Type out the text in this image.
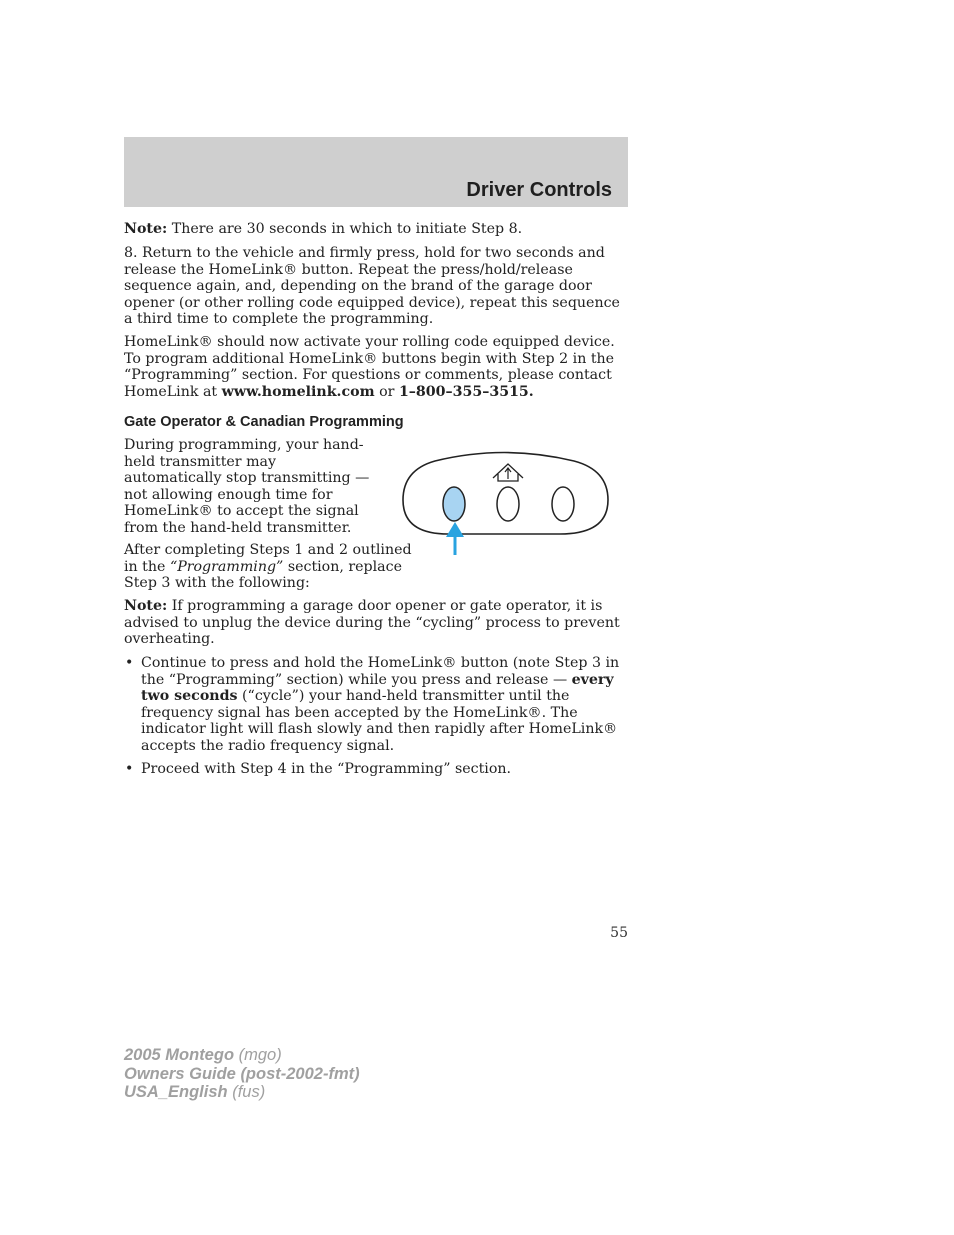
Driver Controls

Note: There are 30 seconds in which to initiate Step 8.

8. Return to the vehicle and firmly press, hold for two seconds and release the HomeLink® button. Repeat the press/hold/release sequence again, and, depending on the brand of the garage door opener (or other rolling code equipped device), repeat this sequence a third time to complete the programming.

HomeLink® should now activate your rolling code equipped device. To program additional HomeLink® buttons begin with Step 2 in the “Programming” section. For questions or comments, please contact HomeLink at www.homelink.com or 1–800–355–3515.

Gate Operator & Canadian Programming

During programming, your hand-held transmitter may automatically stop transmitting — not allowing enough time for HomeLink® to accept the signal from the hand-held transmitter.

After completing Steps 1 and 2 outlined in the “Programming” section, replace Step 3 with the following:

Note: If programming a garage door opener or gate operator, it is advised to unplug the device during the “cycling” process to prevent overheating.

• Continue to press and hold the HomeLink® button (note Step 3 in the “Programming” section) while you press and release — every two seconds (“cycle”) your hand-held transmitter until the frequency signal has been accepted by the HomeLink®. The indicator light will flash slowly and then rapidly after HomeLink® accepts the radio frequency signal.
• Proceed with Step 4 in the “Programming” section.
55
2005 Montego (mgo)
Owners Guide (post-2002-fmt)
USA_English (fus)
